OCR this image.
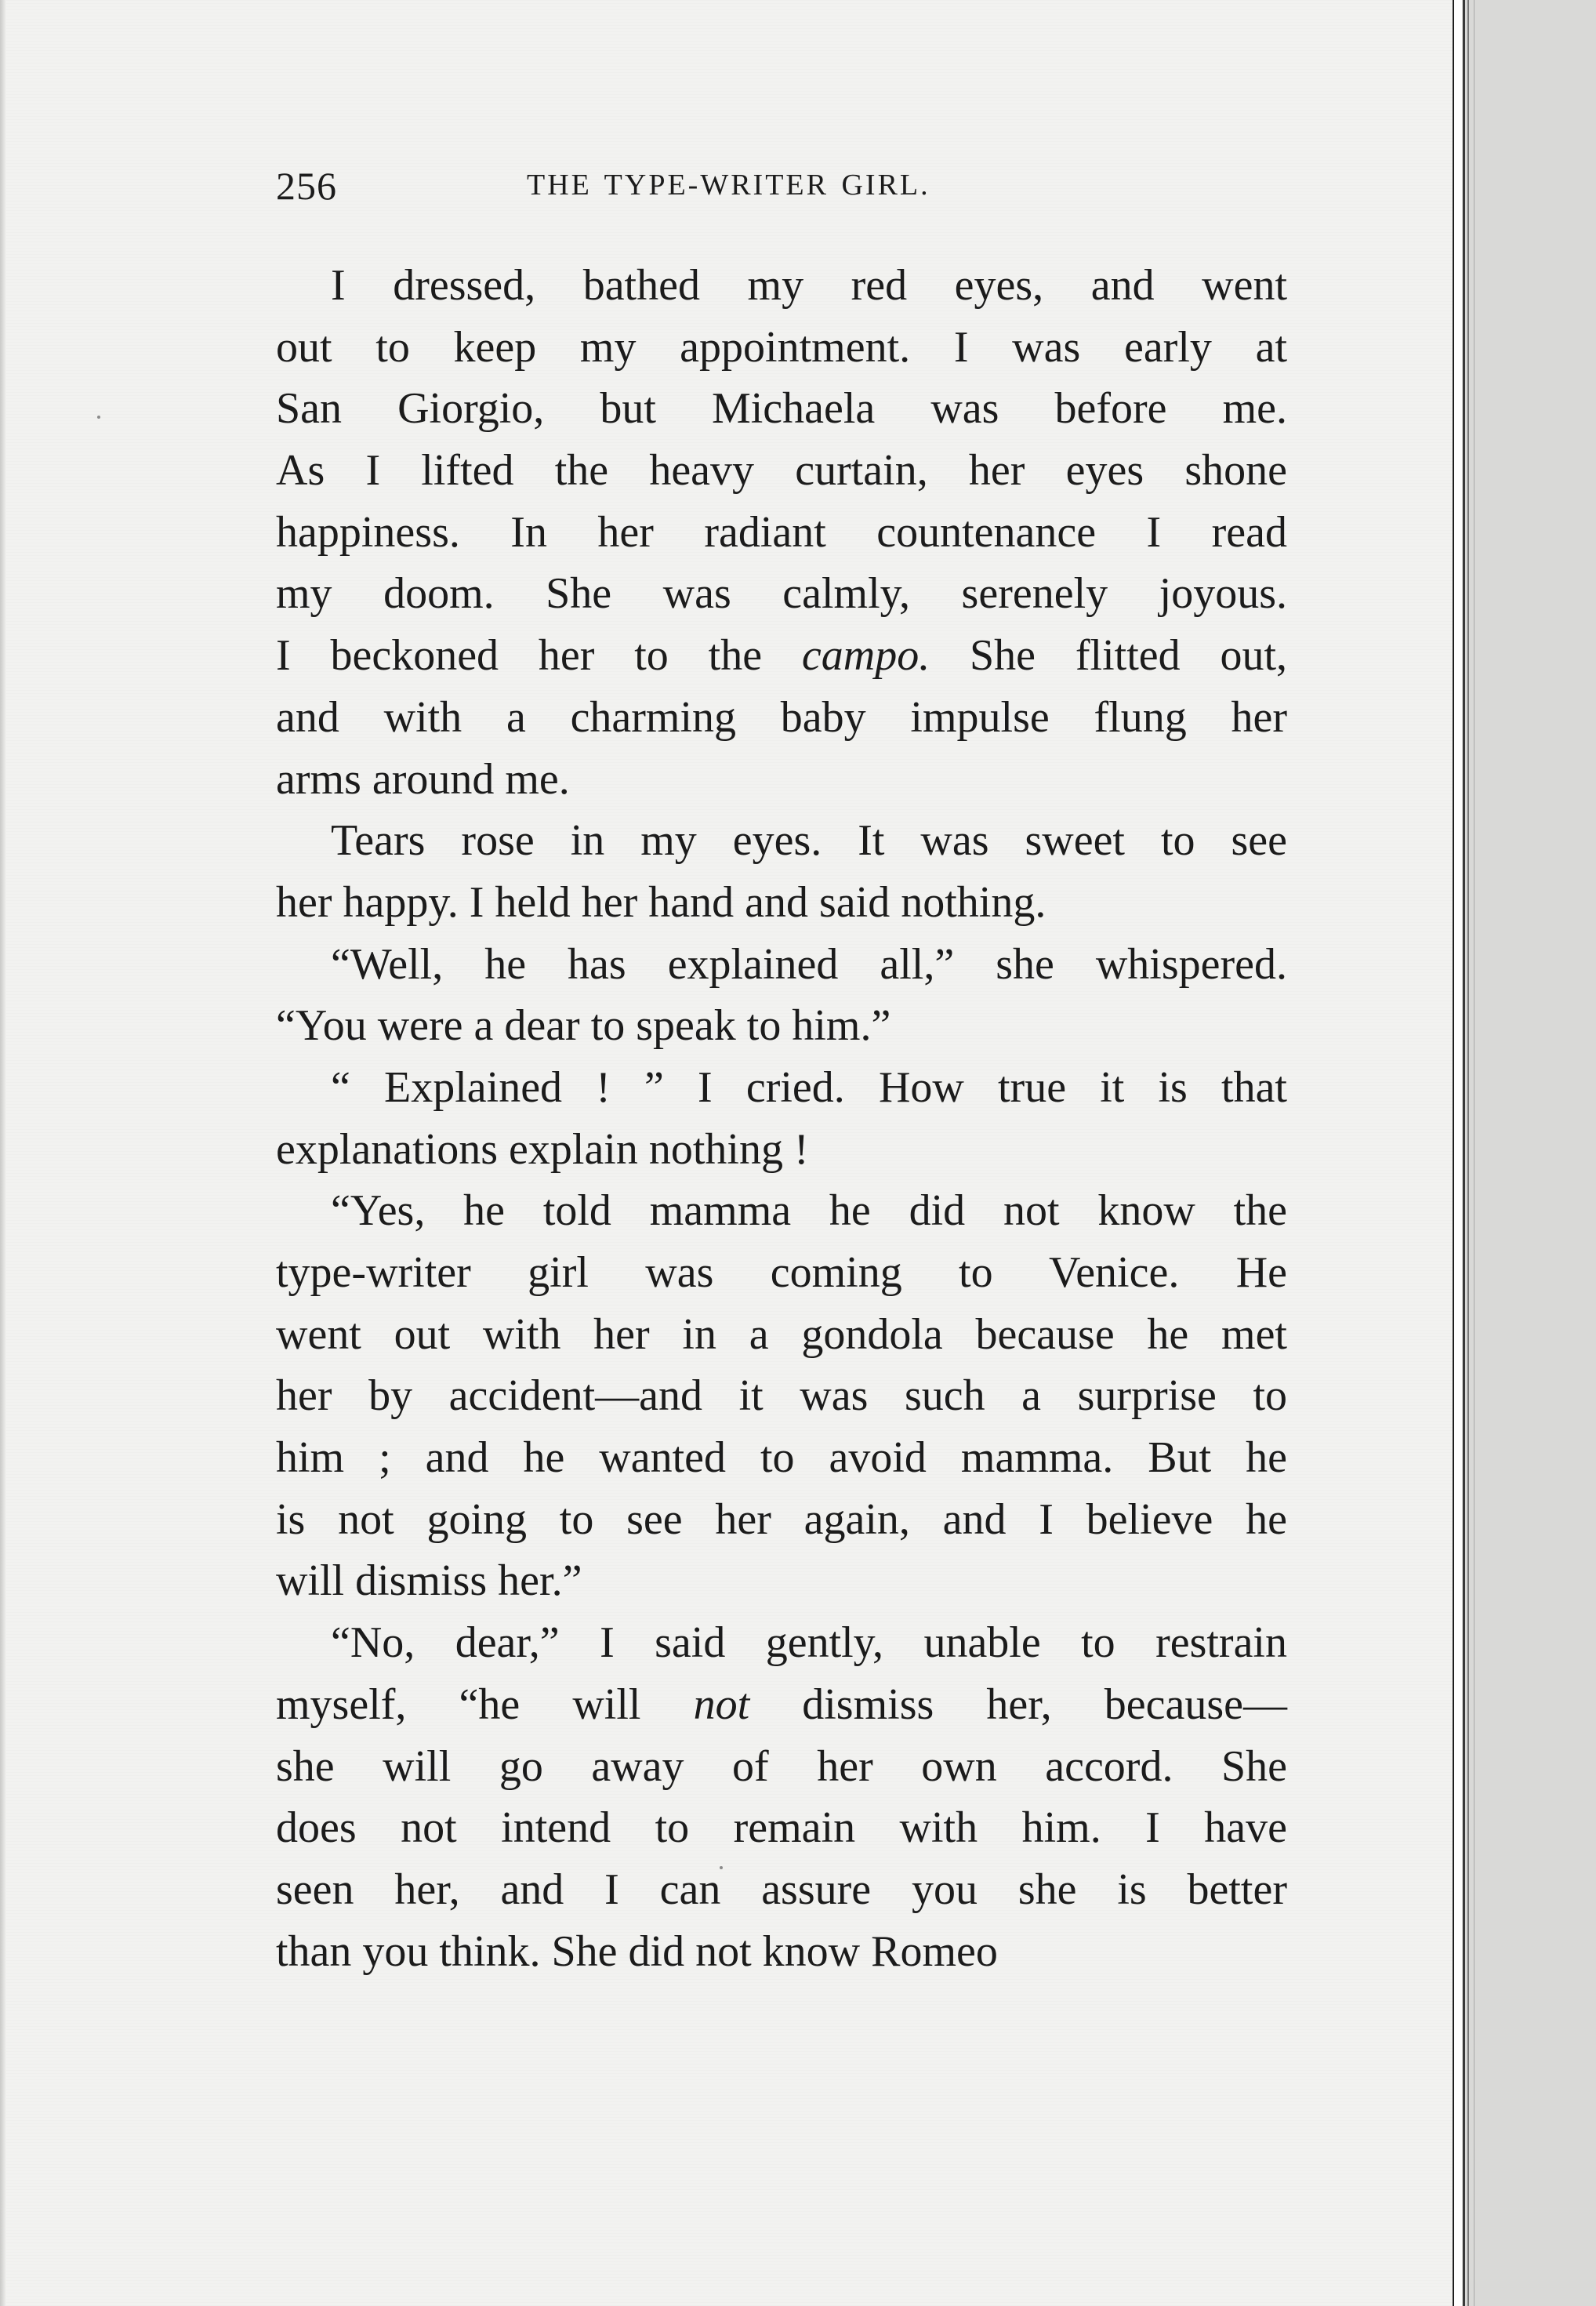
256	THE TYPE-WRITER GIRL.
I dressed, bathed my red eyes, and went
out to keep my appointment. I was early at
San Giorgio, but Michaela was before me.
As I lifted the heavy curtain, her eyes shone
happiness. In her radiant countenance I read
my doom. She was calmly, serenely joyous.
I beckoned her to the campo. She flitted out,
and with a charming baby impulse flung her
arms around me.
Tears rose in my eyes. It was sweet to see
her happy. I held her hand and said nothing.
“Well, he has explained all,” she whispered.
“You were a dear to speak to him.”
“ Explained ! ” I cried. How true it is that
explanations explain nothing !
“Yes, he told mamma he did not know the
type-writer girl was coming to Venice. He
went out with her in a gondola because he met
her by accident—and it was such a surprise to
him ; and he wanted to avoid mamma. But he
is not going to see her again, and I believe he
will dismiss her.”
“No, dear,” I said gently, unable to restrain
myself, “he will not dismiss her, because—
she will go away of her own accord. She
does not intend to remain with him. I have
seen her, and I can assure you she is better
than you think. She did not know Romeo
